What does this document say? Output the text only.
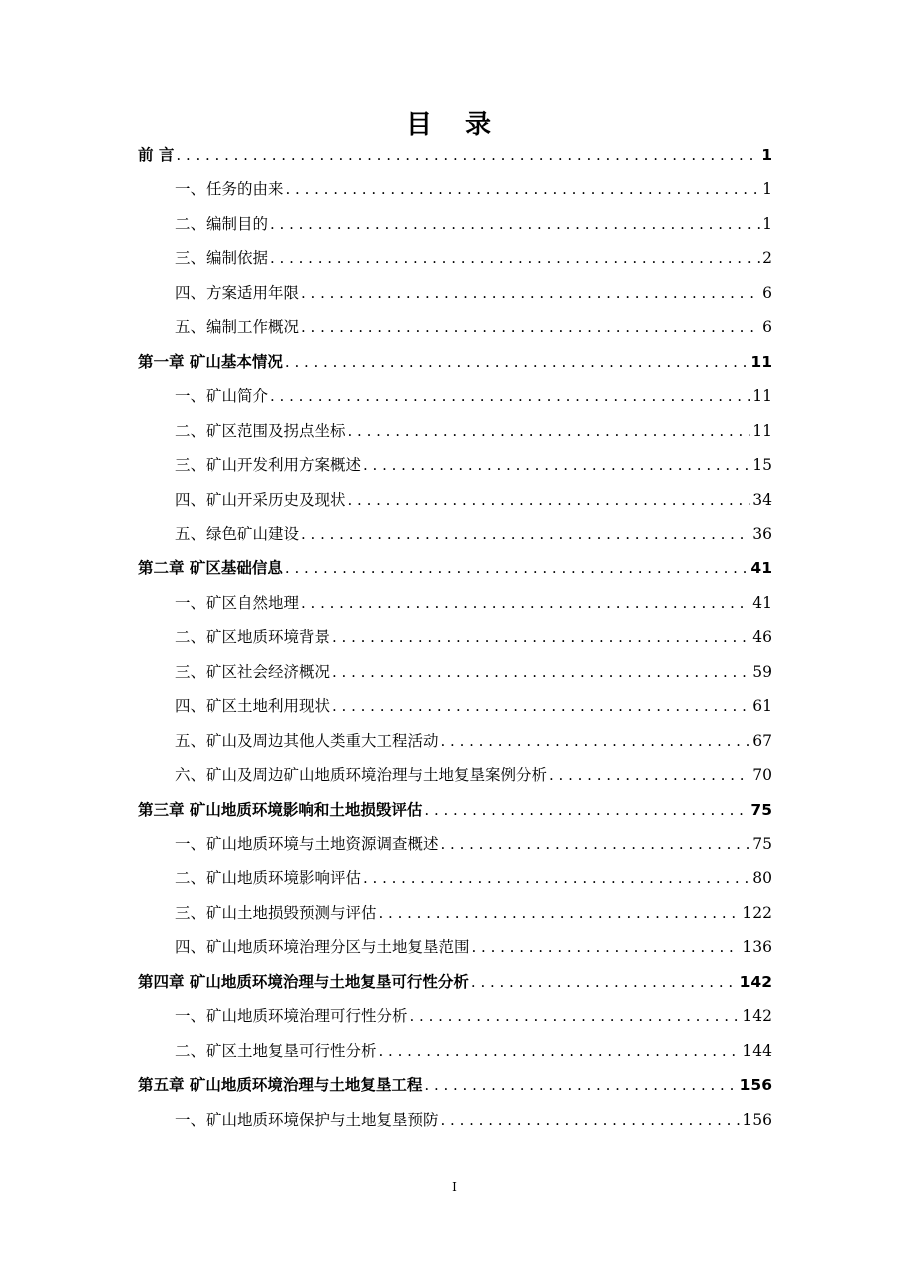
目 录
前 言 . . .	1
一、任务的由来 . . .	1
二、编制目的 . . .	1
三、编制依据 . . .	2
四、方案适用年限 . . .	6
五、编制工作概况 . . .	6
第一章 矿山基本情况 . . .	11
一、矿山简介 . . .	11
二、矿区范围及拐点坐标 . . .	11
三、矿山开发利用方案概述 . . .	15
四、矿山开采历史及现状 . . .	34
五、绿色矿山建设 . . .	36
第二章 矿区基础信息 . . .	41
一、矿区自然地理 . . .	41
二、矿区地质环境背景 . . .	46
三、矿区社会经济概况 . . .	59
四、矿区土地利用现状 . . .	61
五、矿山及周边其他人类重大工程活动 . . .	67
六、矿山及周边矿山地质环境治理与土地复垦案例分析 . . .	70
第三章 矿山地质环境影响和土地损毁评估 . . .	75
一、矿山地质环境与土地资源调查概述 . . .	75
二、矿山地质环境影响评估 . . .	80
三、矿山土地损毁预测与评估 . . .	122
四、矿山地质环境治理分区与土地复垦范围 . . .	136
第四章 矿山地质环境治理与土地复垦可行性分析 . . .	142
一、矿山地质环境治理可行性分析 . . .	142
二、矿区土地复垦可行性分析 . . .	144
第五章 矿山地质环境治理与土地复垦工程 . . .	156
一、矿山地质环境保护与土地复垦预防 . . .	156
I
